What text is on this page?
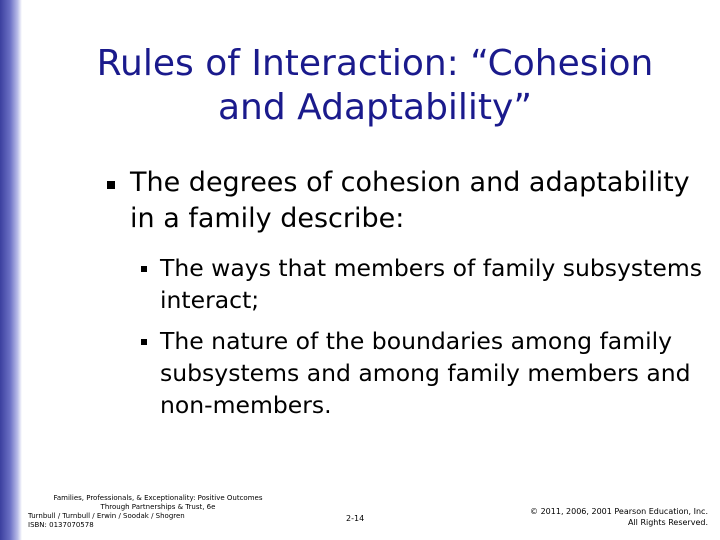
Rules of Interaction: “Cohesion
and Adaptability”
The degrees of cohesion and adaptability in a family describe:
The ways that members of family subsystems interact;
The nature of the boundaries among family subsystems and among family members and non-members.
Families, Professionals, & Exceptionality: Positive Outcomes
Through Partnerships & Trust, 6e
Turnbull / Turnbull / Erwin / Soodak / Shogren
ISBN: 0137070578
2-14
© 2011, 2006, 2001 Pearson Education, Inc.
All Rights Reserved.
